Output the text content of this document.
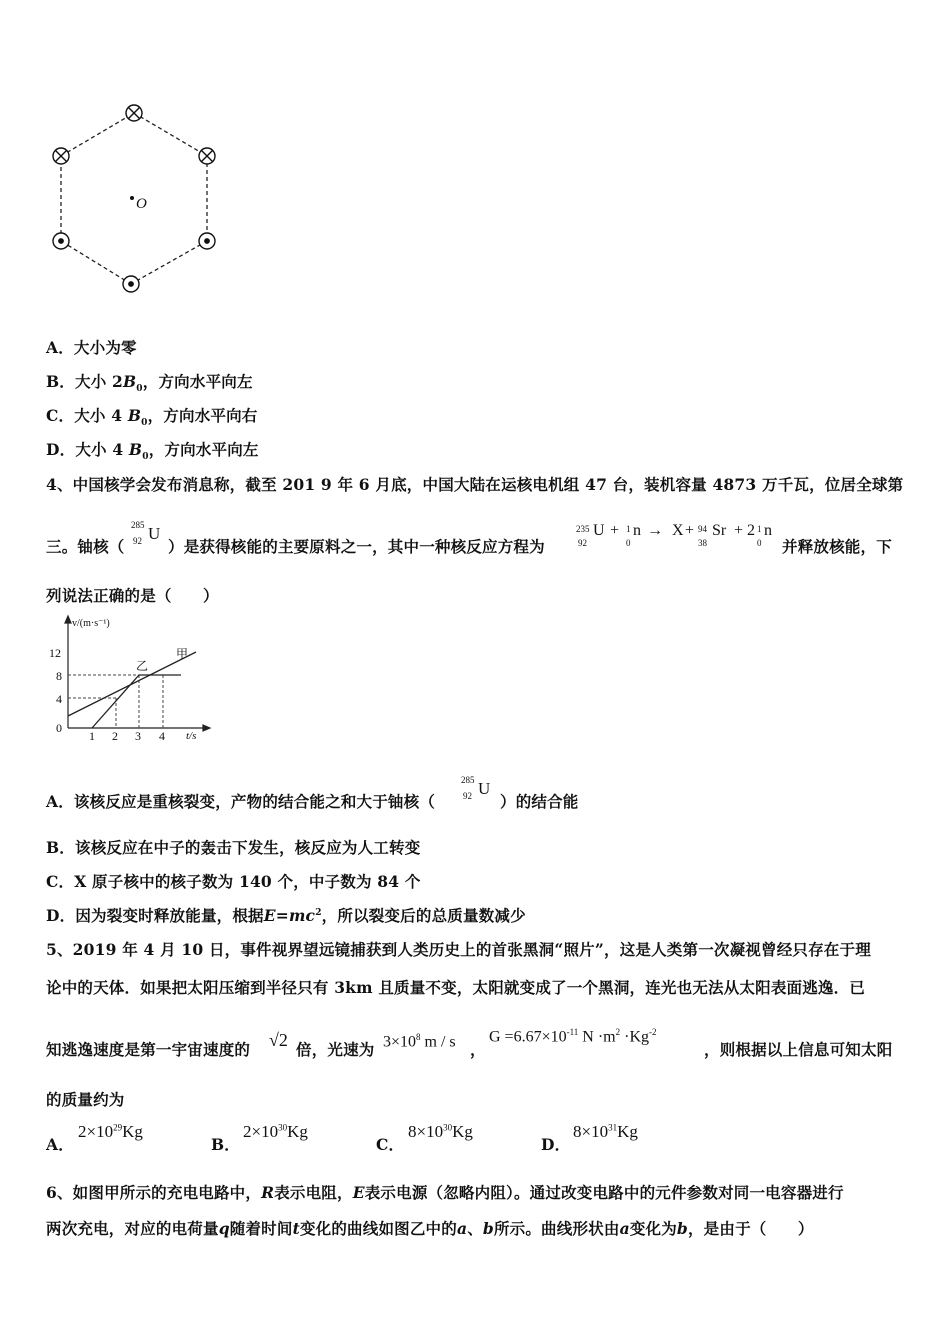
O
A．大小为零
B．大小 $2B_0$，方向水平向左
C．大小 4 $B_0$，方向水平向右
D．大小 4 $B_0$，方向水平向左
4、中国核学会发布消息称，截至 201 9 年 6 月底，中国大陆在运核电机组 47 台，装机容量 4873 万千瓦，位居全球第
三。铀核（
285
92 U
）是获得核能的主要原料之一，其中一种核反应方程为
235
92
U + 1
0
n → X + 94
38
Sr + 2 1
0
n
并释放核能，下
列说法正确的是（　　）
v/(m·s⁻¹)
t/s
0
12
8
4
1 2 3 4
甲
乙
A．该核反应是重核裂变，产物的结合能之和大于铀核（
285
92 U
）的结合能
B．该核反应在中子的轰击下发生，核反应为人工转变
C．X 原子核中的核子数为 140 个，中子数为 84 个
D．因为裂变时释放能量，根据$E=mc^2$，所以裂变后的总质量数减少
5、2019 年 4 月 10 日，事件视界望远镜捕获到人类历史上的首张黑洞“照片”，这是人类第一次凝视曾经只存在于理
论中的天体．如果把太阳压缩到半径只有 3km 且质量不变，太阳就变成了一个黑洞，连光也无法从太阳表面逃逸．已
知逃逸速度是第一宇宙速度的 √2 倍，光速为 $3\times 10^8$ m / s ，
$G =6.67\times 10^{-11}$ $N \cdot m^2 \cdot Kg^{-2}$
，则根据以上信息可知太阳
的质量约为
A．
$2\times 10^{29}Kg$
B．
$2\times 10^{30}Kg$
C．
$8\times 10^{30}Kg$
D．
$8\times 10^{31}Kg$
6、如图甲所示的充电电路中，R表示电阻，E表示电源（忽略内阻）。通过改变电路中的元件参数对同一电容器进行
两次充电，对应的电荷量q随着时间t变化的曲线如图乙中的a、b所示。曲线形状由a变化为b，是由于（　　）
